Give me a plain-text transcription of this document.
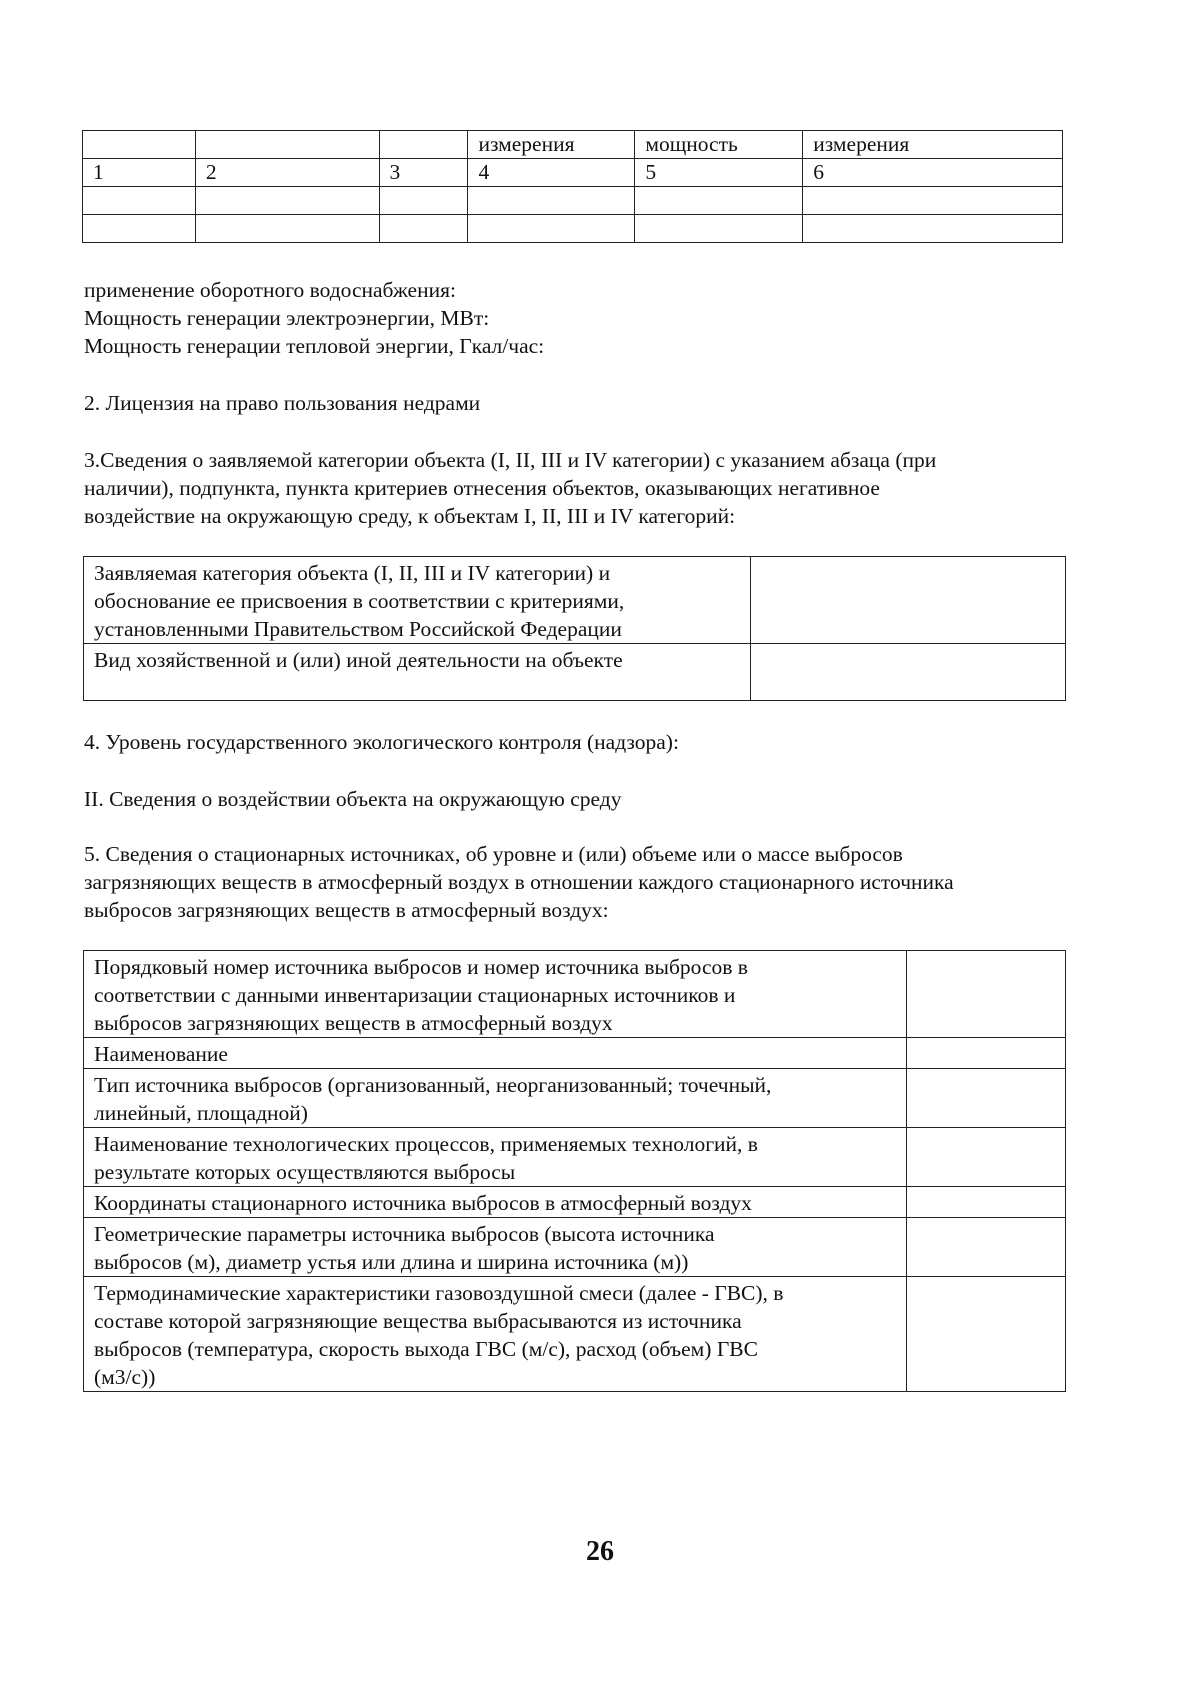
			измерения	мощность	измерения
1	2	3	4	5	6

применение оборотного водоснабжения:
Мощность генерации электроэнергии, МВт:
Мощность генерации тепловой энергии, Гкал/час:

2. Лицензия на право пользования недрами

3.Сведения о заявляемой категории объекта (I, II, III и IV категории) с указанием абзаца (при
наличии), подпункта, пункта критериев отнесения объектов, оказывающих негативное
воздействие на окружающую среду, к объектам I, II, III и IV категорий:

Заявляемая категория объекта (I, II, III и IV категории) и
обоснование ее присвоения в соответствии с критериями,
установленными Правительством Российской Федерации	

Вид хозяйственной и (или) иной деятельности на объекте	

4. Уровень государственного экологического контроля (надзора):

II. Сведения о воздействии объекта на окружающую среду

5. Сведения о стационарных источниках, об уровне и (или) объеме или о массе выбросов
загрязняющих веществ в атмосферный воздух в отношении каждого стационарного источника
выбросов загрязняющих веществ в атмосферный воздух:

Порядковый номер источника выбросов и номер источника выбросов в
соответствии с данными инвентаризации стационарных источников и
выбросов загрязняющих веществ в атмосферный воздух	

Наименование	

Тип источника выбросов (организованный, неорганизованный; точечный,
линейный, площадной)	

Наименование технологических процессов, применяемых технологий, в
результате которых осуществляются выбросы	

Координаты стационарного источника выбросов в атмосферный воздух	

Геометрические параметры источника выбросов (высота источника
выбросов (м), диаметр устья или длина и ширина источника (м))	

Термодинамические характеристики газовоздушной смеси (далее - ГВС), в
составе которой загрязняющие вещества выбрасываются из источника
выбросов (температура, скорость выхода ГВС (м/с), расход (объем) ГВС
(м3/с))	

26
